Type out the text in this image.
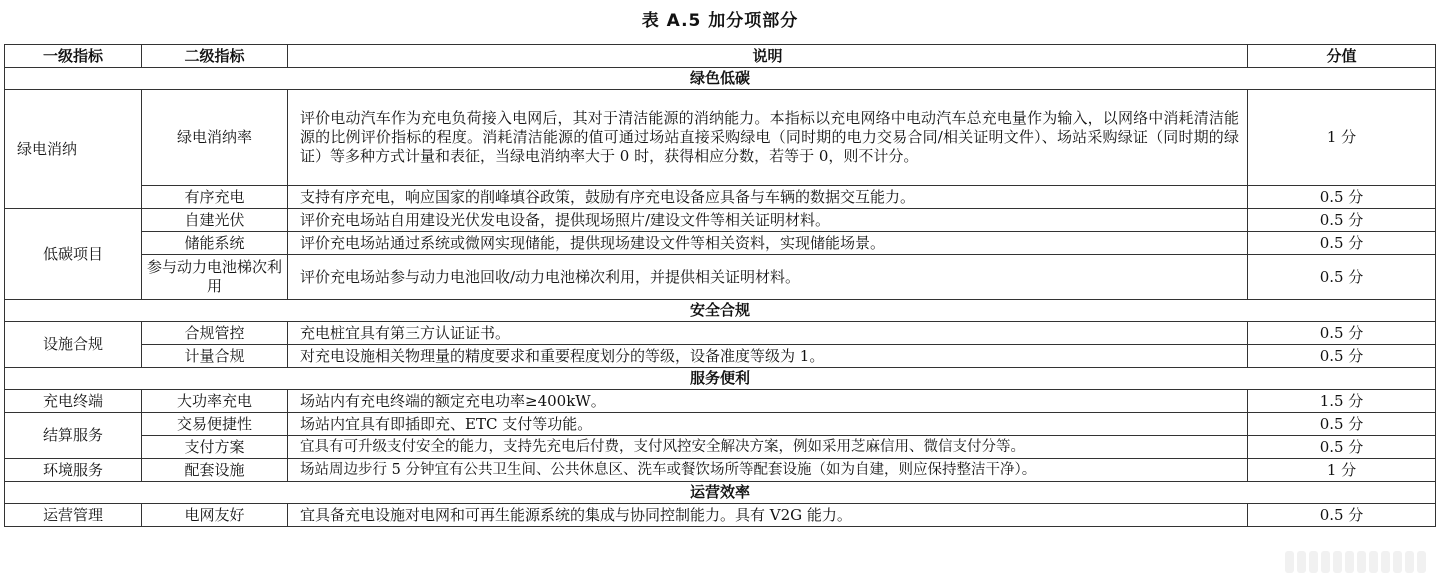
表 A.5 加分项部分
一级指标	二级指标	说明	分值
绿色低碳			
绿电消纳	绿电消纳率	评价电动汽车作为充电负荷接入电网后，其对于清洁能源的消纳能力。本指标以充电网络中电动汽车总充电量作为输入，以网络中消耗清洁能源的比例评价指标的程度。消耗清洁能源的值可通过场站直接采购绿电（同时期的电力交易合同/相关证明文件）、场站采购绿证（同时期的绿证）等多种方式计量和表征，当绿电消纳率大于 0 时，获得相应分数，若等于 0，则不计分。	1 分
	有序充电	支持有序充电，响应国家的削峰填谷政策，鼓励有序充电设备应具备与车辆的数据交互能力。	0.5 分
低碳项目	自建光伏	评价充电场站自用建设光伏发电设备，提供现场照片/建设文件等相关证明材料。	0.5 分
	储能系统	评价充电场站通过系统或微网实现储能，提供现场建设文件等相关资料，实现储能场景。	0.5 分
	参与动力电池梯次利用	评价充电场站参与动力电池回收/动力电池梯次利用，并提供相关证明材料。	0.5 分
安全合规			
设施合规	合规管控	充电桩宜具有第三方认证证书。	0.5 分
	计量合规	对充电设施相关物理量的精度要求和重要程度划分的等级，设备准度等级为 1。	0.5 分
服务便利			
充电终端	大功率充电	场站内有充电终端的额定充电功率≥400kW。	1.5 分
结算服务	交易便捷性	场站内宜具有即插即充、ETC 支付等功能。	0.5 分
	支付方案	宜具有可升级支付安全的能力，支持先充电后付费，支付风控安全解决方案，例如采用芝麻信用、微信支付分等。	0.5 分
环境服务	配套设施	场站周边步行 5 分钟宜有公共卫生间、公共休息区、洗车或餐饮场所等配套设施（如为自建，则应保持整洁干净）。	1 分
运营效率			
运营管理	电网友好	宜具备充电设施对电网和可再生能源系统的集成与协同控制能力。具有 V2G 能力。	0.5 分
